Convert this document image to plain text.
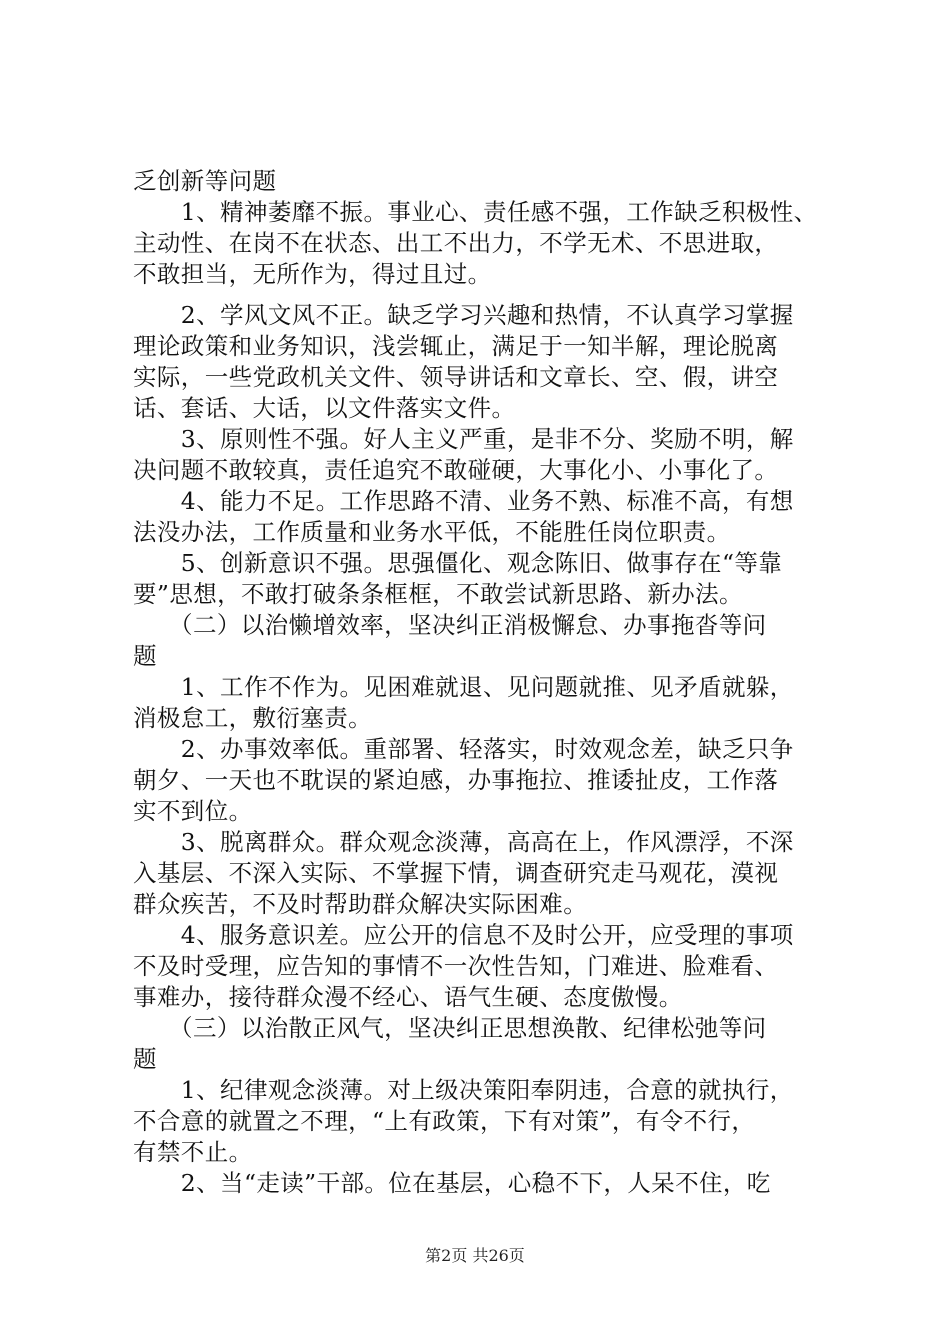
乏创新等问题
　　1、精神萎靡不振。事业心、责任感不强，工作缺乏积极性、
主动性、在岗不在状态、出工不出力，不学无术、不思进取，
不敢担当，无所作为，得过且过。
　　2、学风文风不正。缺乏学习兴趣和热情，不认真学习掌握
理论政策和业务知识，浅尝辄止，满足于一知半解，理论脱离
实际，一些党政机关文件、领导讲话和文章长、空、假，讲空
话、套话、大话，以文件落实文件。
　　3、原则性不强。好人主义严重，是非不分、奖励不明，解
决问题不敢较真，责任追究不敢碰硬，大事化小、小事化了。
　　4、能力不足。工作思路不清、业务不熟、标准不高，有想
法没办法，工作质量和业务水平低，不能胜任岗位职责。
　　5、创新意识不强。思强僵化、观念陈旧、做事存在“等靠
要”思想，不敢打破条条框框，不敢尝试新思路、新办法。
　　（二）以治懒增效率，坚决纠正消极懈怠、办事拖沓等问
题
　　1、工作不作为。见困难就退、见问题就推、见矛盾就躲，
消极怠工，敷衍塞责。
　　2、办事效率低。重部署、轻落实，时效观念差，缺乏只争
朝夕、一天也不耽误的紧迫感，办事拖拉、推诿扯皮，工作落
实不到位。
　　3、脱离群众。群众观念淡薄，高高在上，作风漂浮，不深
入基层、不深入实际、不掌握下情，调查研究走马观花，漠视
群众疾苦，不及时帮助群众解决实际困难。
　　4、服务意识差。应公开的信息不及时公开，应受理的事项
不及时受理，应告知的事情不一次性告知，门难进、脸难看、
事难办，接待群众漫不经心、语气生硬、态度傲慢。
　　（三）以治散正风气，坚决纠正思想涣散、纪律松弛等问
题
　　1、纪律观念淡薄。对上级决策阳奉阴违，合意的就执行，
不合意的就置之不理，“上有政策，下有对策”，有令不行，
有禁不止。
　　2、当“走读”干部。位在基层，心稳不下，人呆不住，吃
第2页 共26页
